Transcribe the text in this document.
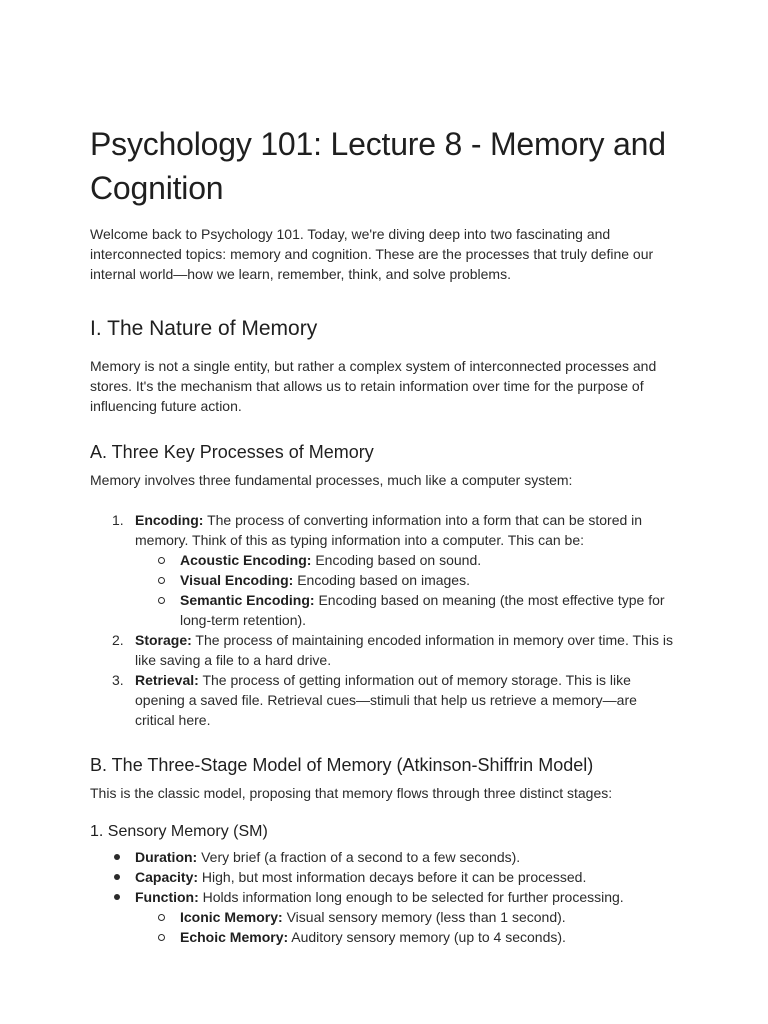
Psychology 101: Lecture 8 - Memory and Cognition

Welcome back to Psychology 101. Today, we're diving deep into two fascinating and interconnected topics: memory and cognition. These are the processes that truly define our internal world—how we learn, remember, think, and solve problems.

I. The Nature of Memory

Memory is not a single entity, but rather a complex system of interconnected processes and stores. It's the mechanism that allows us to retain information over time for the purpose of influencing future action.

A. Three Key Processes of Memory

Memory involves three fundamental processes, much like a computer system:

1. Encoding: The process of converting information into a form that can be stored in memory. Think of this as typing information into a computer. This can be:
Acoustic Encoding: Encoding based on sound.
Visual Encoding: Encoding based on images.
Semantic Encoding: Encoding based on meaning (the most effective type for long-term retention).
2. Storage: The process of maintaining encoded information in memory over time. This is like saving a file to a hard drive.
3. Retrieval: The process of getting information out of memory storage. This is like opening a saved file. Retrieval cues—stimuli that help us retrieve a memory—are critical here.
B. The Three-Stage Model of Memory (Atkinson-Shiffrin Model)

This is the classic model, proposing that memory flows through three distinct stages:

1. Sensory Memory (SM)
Duration: Very brief (a fraction of a second to a few seconds).
Capacity: High, but most information decays before it can be processed.
Function: Holds information long enough to be selected for further processing.
Iconic Memory: Visual sensory memory (less than 1 second).
Echoic Memory: Auditory sensory memory (up to 4 seconds).
